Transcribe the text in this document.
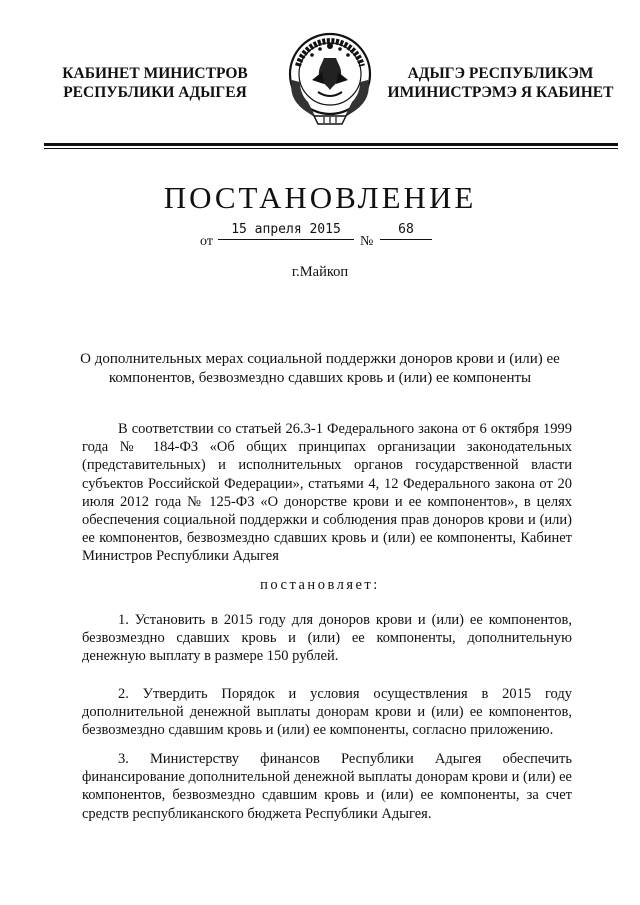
КАБИНЕТ МИНИСТРОВ
РЕСПУБЛИКИ АДЫГЕЯ
АДЫГЭ РЕСПУБЛИКЭМ
ИМИНИСТРЭМЭ Я КАБИНЕТ
ПОСТАНОВЛЕНИЕ
от
15 апреля 2015
№
68
г.Майкоп
О дополнительных мерах социальной поддержки доноров крови и (или) ее компонентов, безвозмездно сдавших кровь и (или) ее компоненты
В соответствии со статьей 26.3-1 Федерального закона от 6 октября 1999 года № 184-ФЗ «Об общих принципах организации законодательных (представительных) и исполнительных органов государственной власти субъектов Российской Федерации», статьями 4, 12 Федерального закона от 20 июля 2012 года № 125-ФЗ «О донорстве крови и ее компонентов», в целях обеспечения социальной поддержки и соблюдения прав доноров крови и (или) ее компонентов, безвозмездно сдавших кровь и (или) ее компоненты, Кабинет Министров Республики Адыгея
постановляет:
1. Установить в 2015 году для доноров крови и (или) ее компонентов, безвозмездно сдавших кровь и (или) ее компоненты, дополнительную денежную выплату в размере 150 рублей.
2. Утвердить Порядок и условия осуществления в 2015 году дополнительной денежной выплаты донорам крови и (или) ее компонентов, безвозмездно сдавшим кровь и (или) ее компоненты, согласно приложению.
3. Министерству финансов Республики Адыгея обеспечить финансирование дополнительной денежной выплаты донорам крови и (или) ее компонентов, безвозмездно сдавшим кровь и (или) ее компоненты, за счет средств республиканского бюджета Республики Адыгея.
